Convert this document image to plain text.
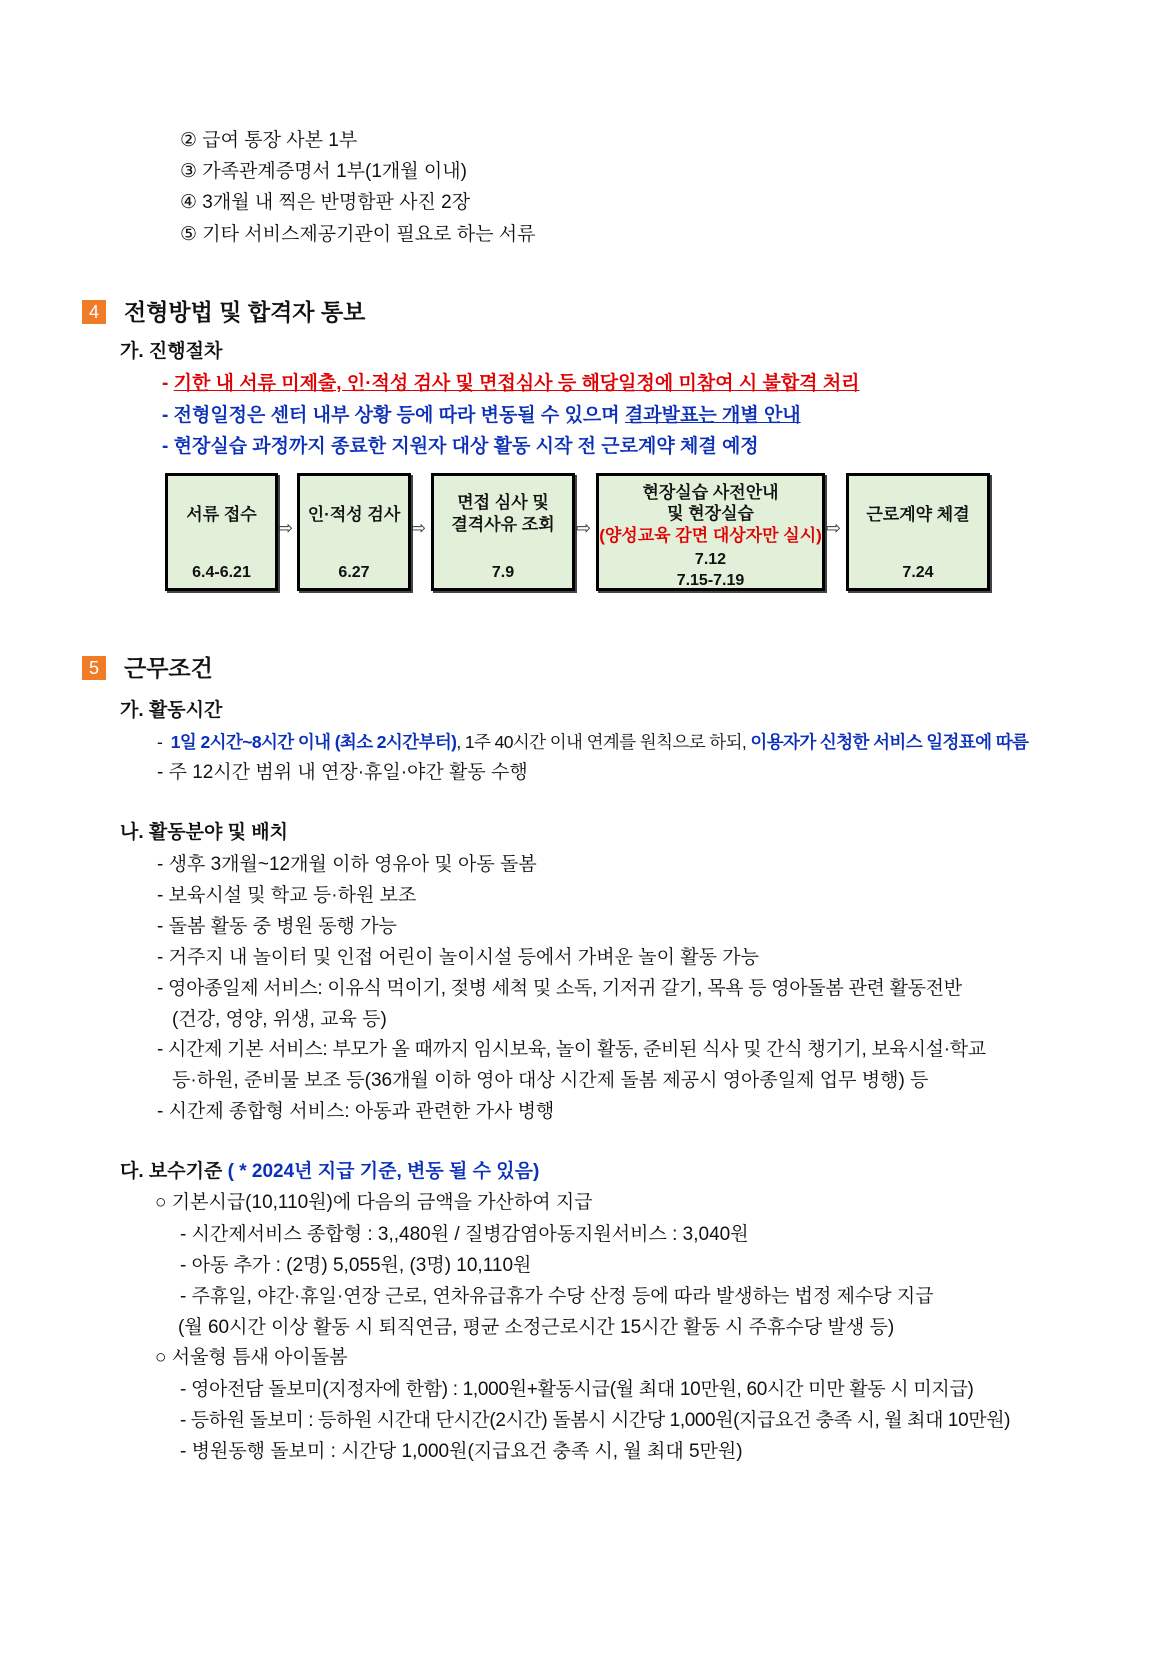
② 급여 통장 사본 1부
③ 가족관계증명서 1부(1개월 이내)
④ 3개월 내 찍은 반명함판 사진 2장
⑤ 기타 서비스제공기관이 필요로 하는 서류
4	전형방법 및 합격자 통보
가. 진행절차
- 기한 내 서류 미제출, 인·적성 검사 및 면접심사 등 해당일정에 미참여 시 불합격 처리
- 전형일정은 센터 내부 상황 등에 따라 변동될 수 있으며 결과발표는 개별 안내
- 현장실습 과정까지 종료한 지원자 대상 활동 시작 전 근로계약 체결 예정
서류 접수
6.4-6.21
⇨
인·적성 검사
6.27
⇨
면접 심사 및
결격사유 조회
7.9
⇨
현장실습 사전안내
및 현장실습
(양성교육 감면 대상자만 실시)
7.12
7.15-7.19
⇨
근로계약 체결
7.24
5	근무조건
가. 활동시간
- 1일 2시간~8시간 이내 (최소 2시간부터), 1주 40시간 이내 연계를 원칙으로 하되, 이용자가 신청한 서비스 일정표에 따름
- 주 12시간 범위 내 연장·휴일·야간 활동 수행
나. 활동분야 및 배치
- 생후 3개월~12개월 이하 영유아 및 아동 돌봄
- 보육시설 및 학교 등·하원 보조
- 돌봄 활동 중 병원 동행 가능
- 거주지 내 놀이터 및 인접 어린이 놀이시설 등에서 가벼운 놀이 활동 가능
- 영아종일제 서비스: 이유식 먹이기, 젖병 세척 및 소독, 기저귀 갈기, 목욕 등 영아돌봄 관련 활동전반
(건강, 영양, 위생, 교육 등)
- 시간제 기본 서비스: 부모가 올 때까지 임시보육, 놀이 활동, 준비된 식사 및 간식 챙기기, 보육시설·학교
등·하원, 준비물 보조 등(36개월 이하 영아 대상 시간제 돌봄 제공시 영아종일제 업무 병행) 등
- 시간제 종합형 서비스: 아동과 관련한 가사 병행
다. 보수기준 ( * 2024년 지급 기준, 변동 될 수 있음)
○ 기본시급(10,110원)에 다음의 금액을 가산하여 지급
- 시간제서비스 종합형 : 3,,480원 / 질병감염아동지원서비스 : 3,040원
- 아동 추가 : (2명) 5,055원, (3명) 10,110원
- 주휴일, 야간·휴일·연장 근로, 연차유급휴가 수당 산정 등에 따라 발생하는 법정 제수당 지급
(월 60시간 이상 활동 시 퇴직연금, 평균 소정근로시간 15시간 활동 시 주휴수당 발생 등)
○ 서울형 틈새 아이돌봄
- 영아전담 돌보미(지정자에 한함) : 1,000원+활동시급(월 최대 10만원, 60시간 미만 활동 시 미지급)
- 등하원 돌보미 : 등하원 시간대 단시간(2시간) 돌봄시 시간당 1,000원(지급요건 충족 시, 월 최대 10만원)
- 병원동행 돌보미 : 시간당 1,000원(지급요건 충족 시, 월 최대 5만원)
